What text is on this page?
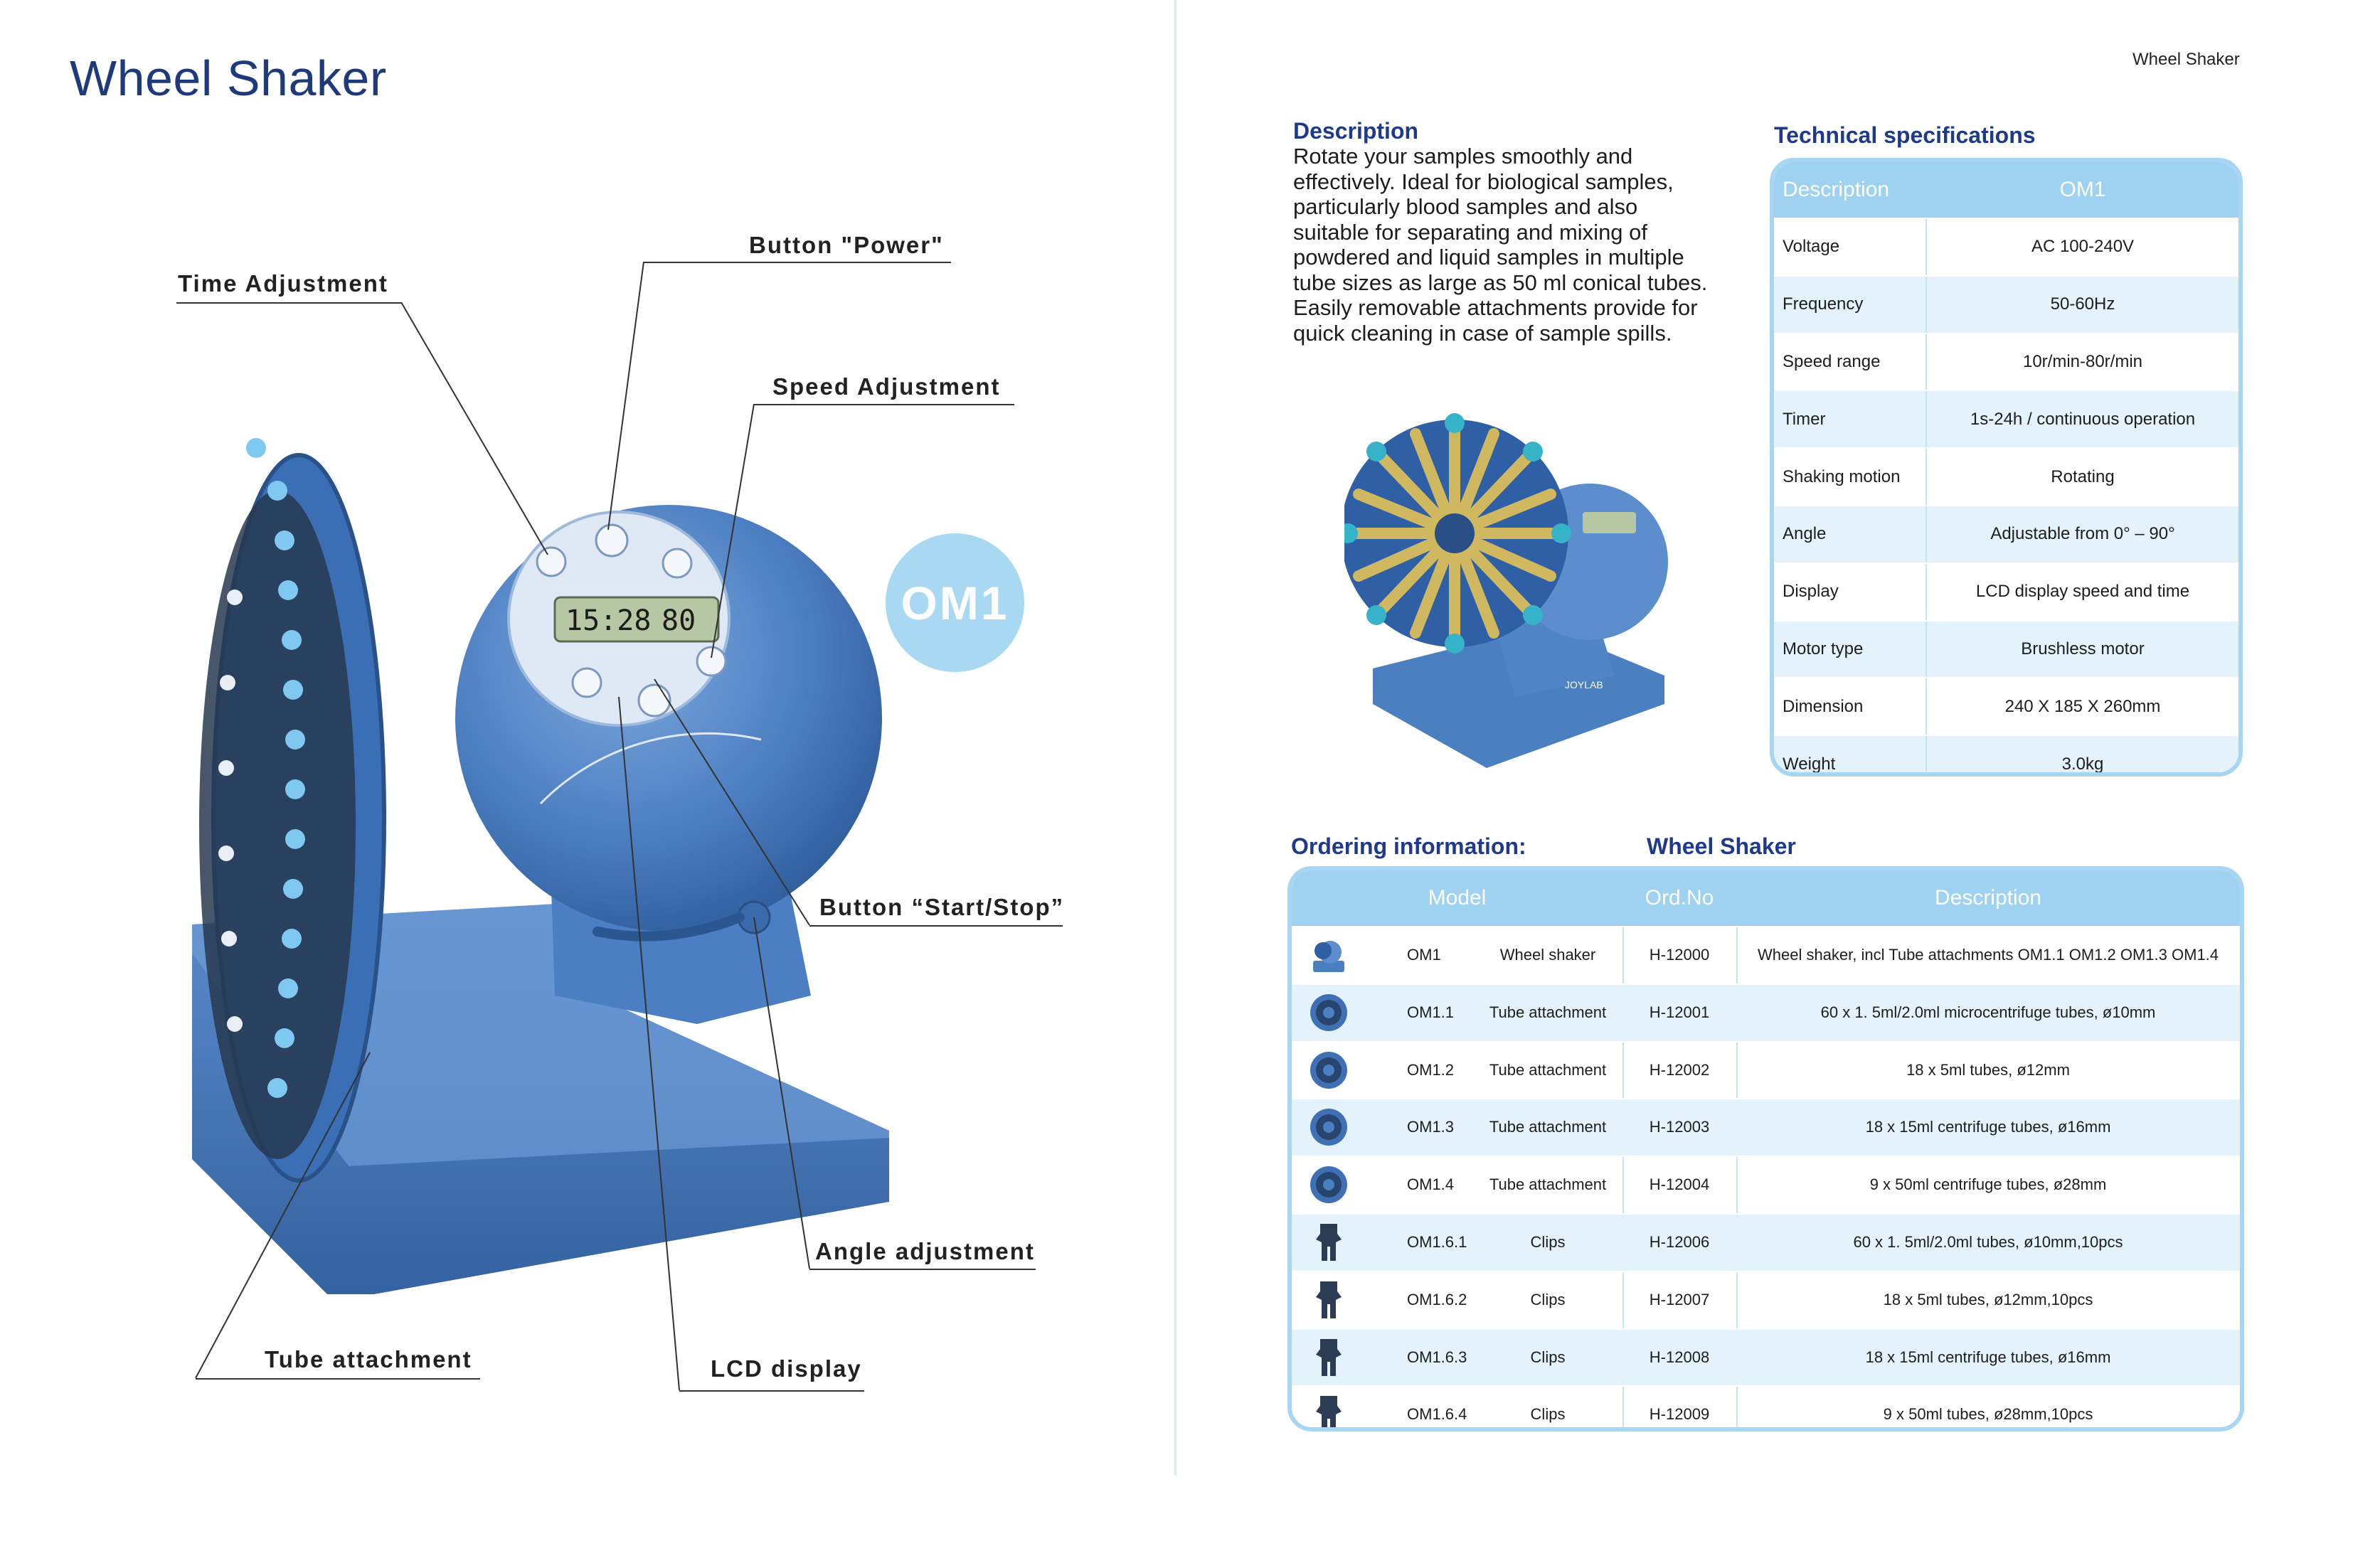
Wheel Shaker
15:28 80
Time Adjustment
Button "Power"
Speed Adjustment
Button “Start/Stop”
Angle adjustment
Tube attachment	LCD display
OM1
Wheel Shaker
Description
Rotate your samples smoothly and
effectively. Ideal for biological samples,
particularly blood samples and also
suitable for separating and mixing of
powdered and liquid samples in multiple
tube sizes as large as 50 ml conical tubes.
Easily removable attachments provide for
quick cleaning in case of sample spills.
JOYLAB
Technical specifications
Description	OM1
Voltage	AC 100-240V
Frequency	50-60Hz
Speed range	10r/min-80r/min
Timer	1s-24h / continuous operation
Shaking motion	Rotating
Angle	Adjustable from 0° – 90°
Display	LCD display speed and time
Motor type	Brushless motor
Dimension	240 X 185 X 260mm
Weight	3.0kg
Ordering information:	Wheel Shaker
Model	Ord.No	Description
OM1	Wheel shaker	H-12000	Wheel shaker, incl Tube attachments OM1.1 OM1.2 OM1.3 OM1.4
OM1.1	Tube attachment	H-12001	60 x 1. 5ml/2.0ml microcentrifuge tubes, ø10mm
OM1.2	Tube attachment	H-12002	18 x 5ml tubes, ø12mm
OM1.3	Tube attachment	H-12003	18 x 15ml centrifuge tubes, ø16mm
OM1.4	Tube attachment	H-12004	9 x 50ml centrifuge tubes, ø28mm
OM1.6.1	Clips	H-12006	60 x 1. 5ml/2.0ml tubes, ø10mm,10pcs
OM1.6.2	Clips	H-12007	18 x 5ml tubes, ø12mm,10pcs
OM1.6.3	Clips	H-12008	18 x 15ml centrifuge tubes, ø16mm
OM1.6.4	Clips	H-12009	9 x 50ml tubes, ø28mm,10pcs
